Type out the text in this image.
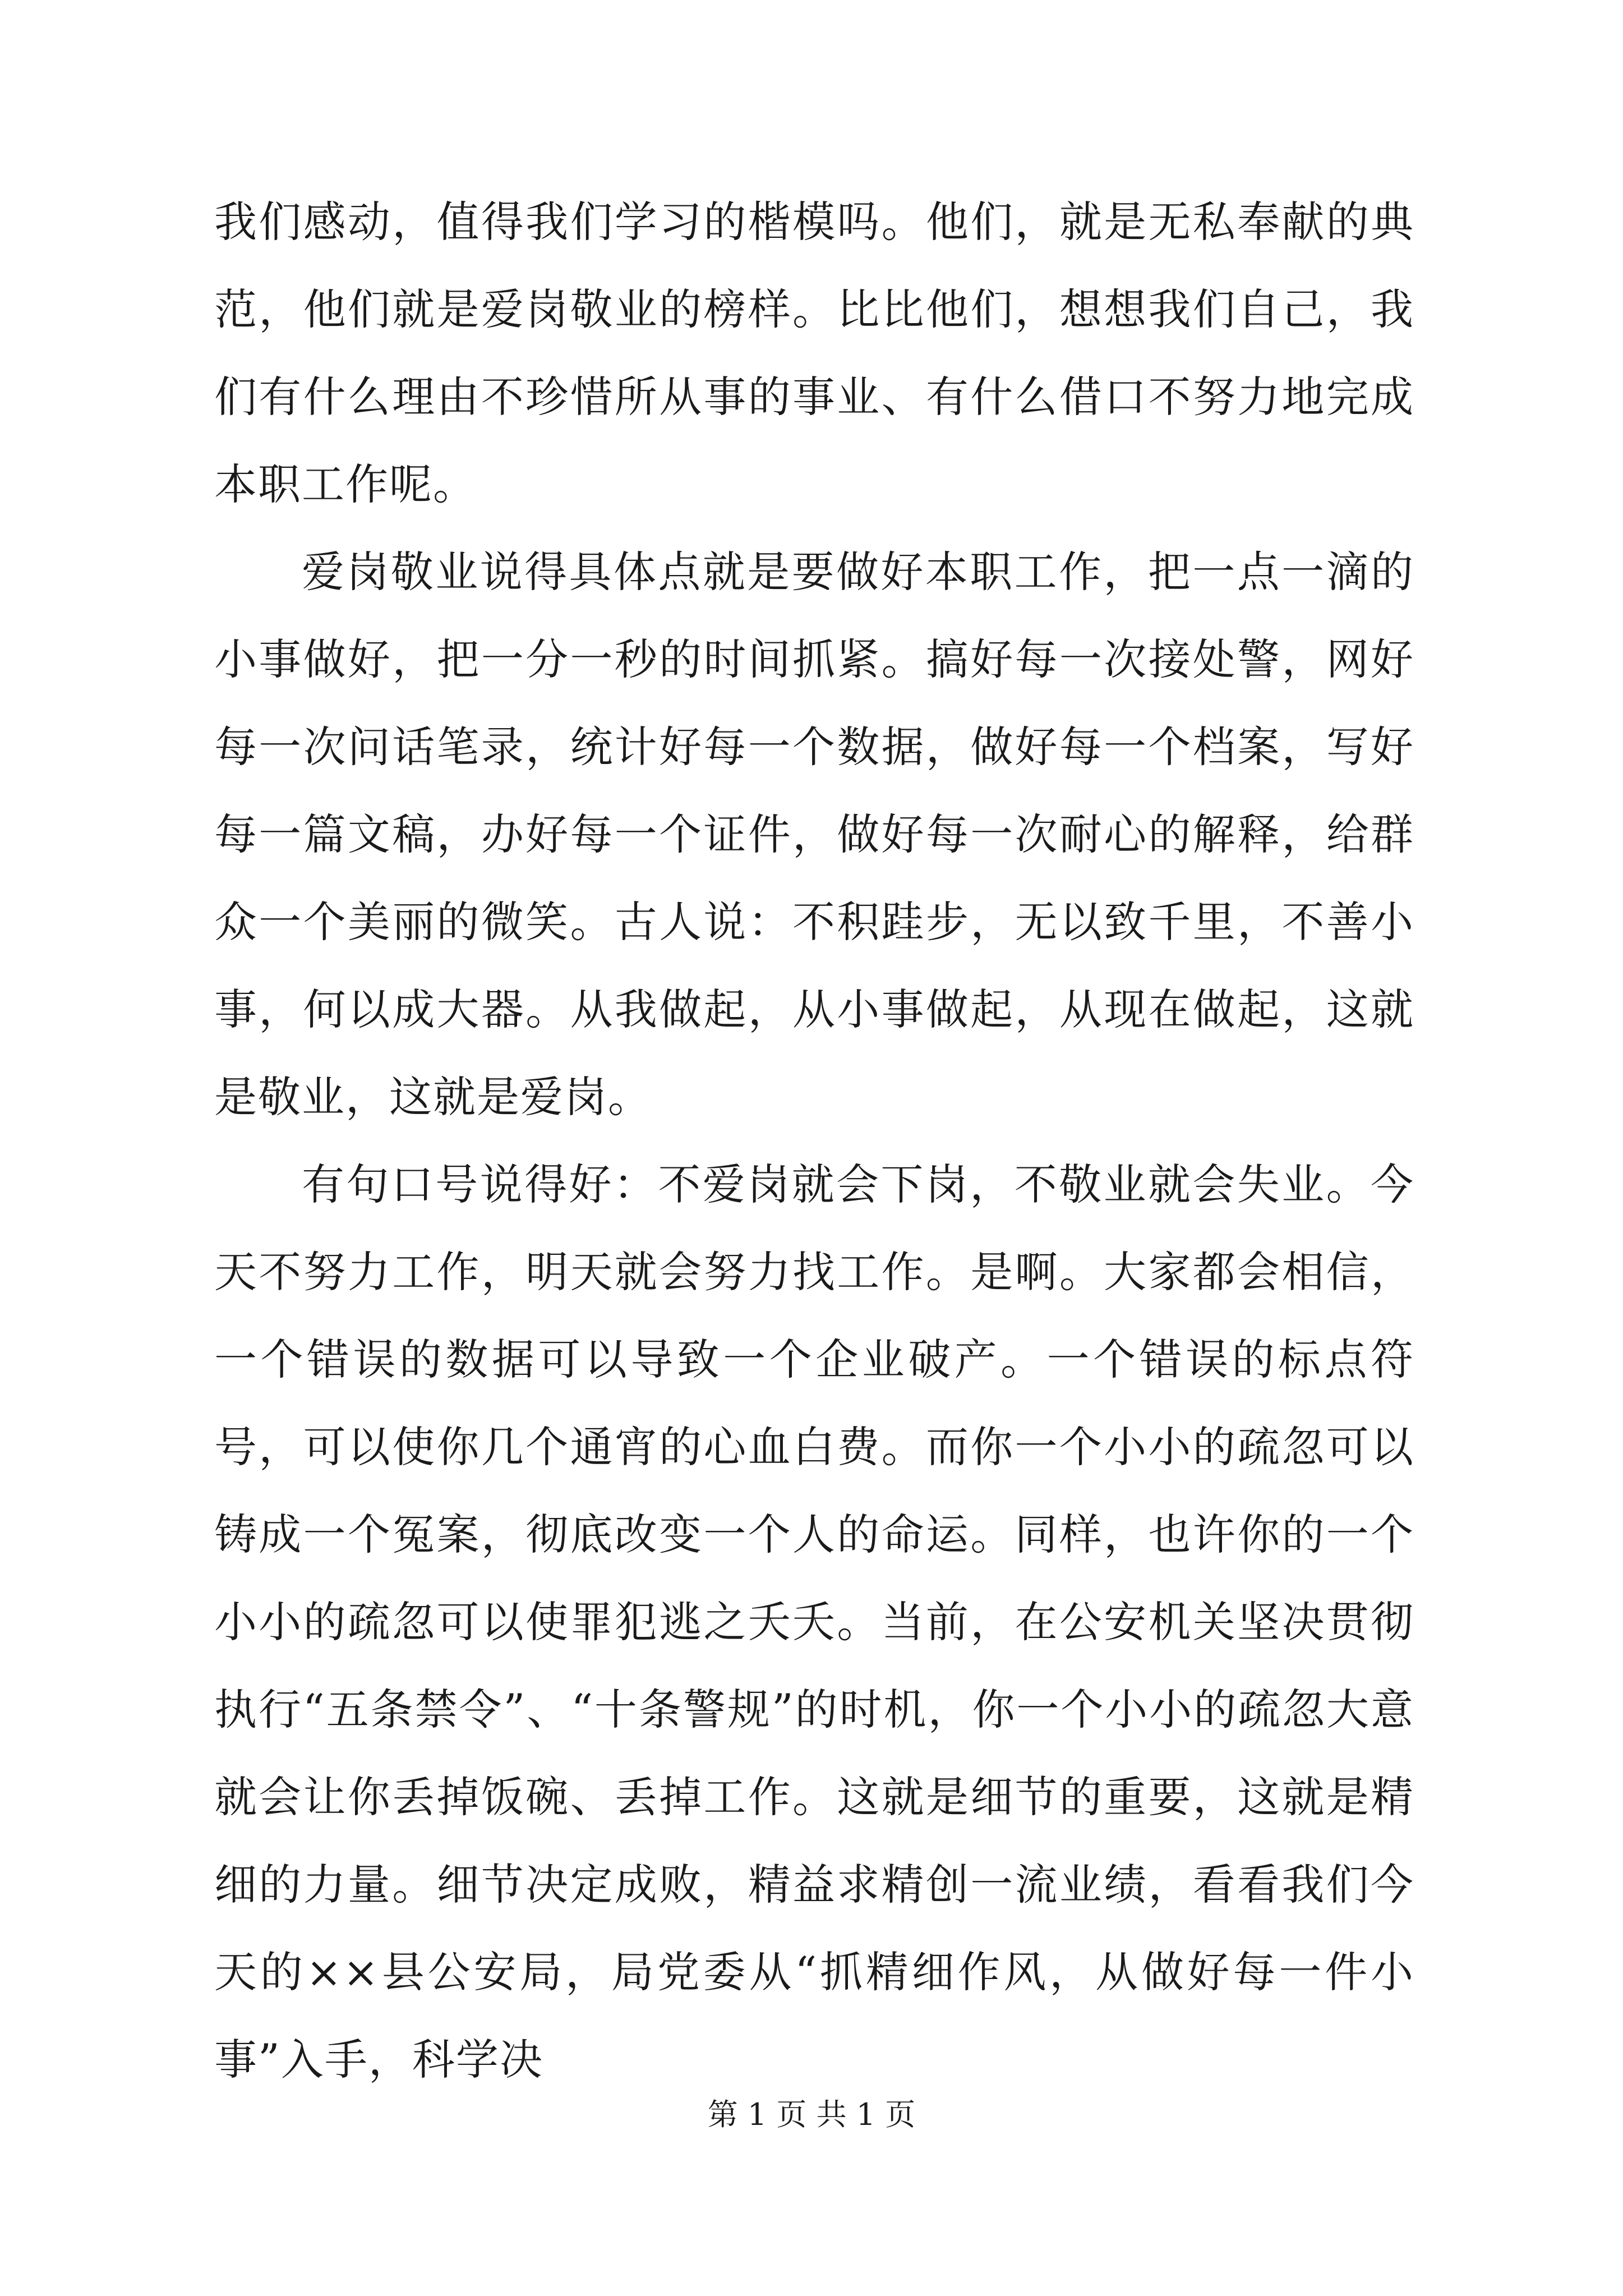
我们感动，值得我们学习的楷模吗。他们，就是无私奉献的典范，他们就是爱岗敬业的榜样。比比他们，想想我们自己，我们有什么理由不珍惜所从事的事业、有什么借口不努力地完成本职工作呢。

爱岗敬业说得具体点就是要做好本职工作，把一点一滴的小事做好，把一分一秒的时间抓紧。搞好每一次接处警，网好每一次问话笔录，统计好每一个数据，做好每一个档案，写好每一篇文稿，办好每一个证件，做好每一次耐心的解释，给群众一个美丽的微笑。古人说：不积跬步，无以致千里，不善小事，何以成大器。从我做起，从小事做起，从现在做起，这就是敬业，这就是爱岗。

有句口号说得好：不爱岗就会下岗，不敬业就会失业。今天不努力工作，明天就会努力找工作。是啊。大家都会相信，一个错误的数据可以导致一个企业破产。一个错误的标点符号，可以使你几个通宵的心血白费。而你一个小小的疏忽可以铸成一个冤案，彻底改变一个人的命运。同样，也许你的一个小小的疏忽可以使罪犯逃之夭夭。当前，在公安机关坚决贯彻执行“五条禁令”、“十条警规”的时机，你一个小小的疏忽大意就会让你丢掉饭碗、丢掉工作。这就是细节的重要，这就是精细的力量。细节决定成败，精益求精创一流业绩，看看我们今天的××县公安局，局党委从“抓精细作风，从做好每一件小事”入手，科学决

第 1 页 共 1 页
